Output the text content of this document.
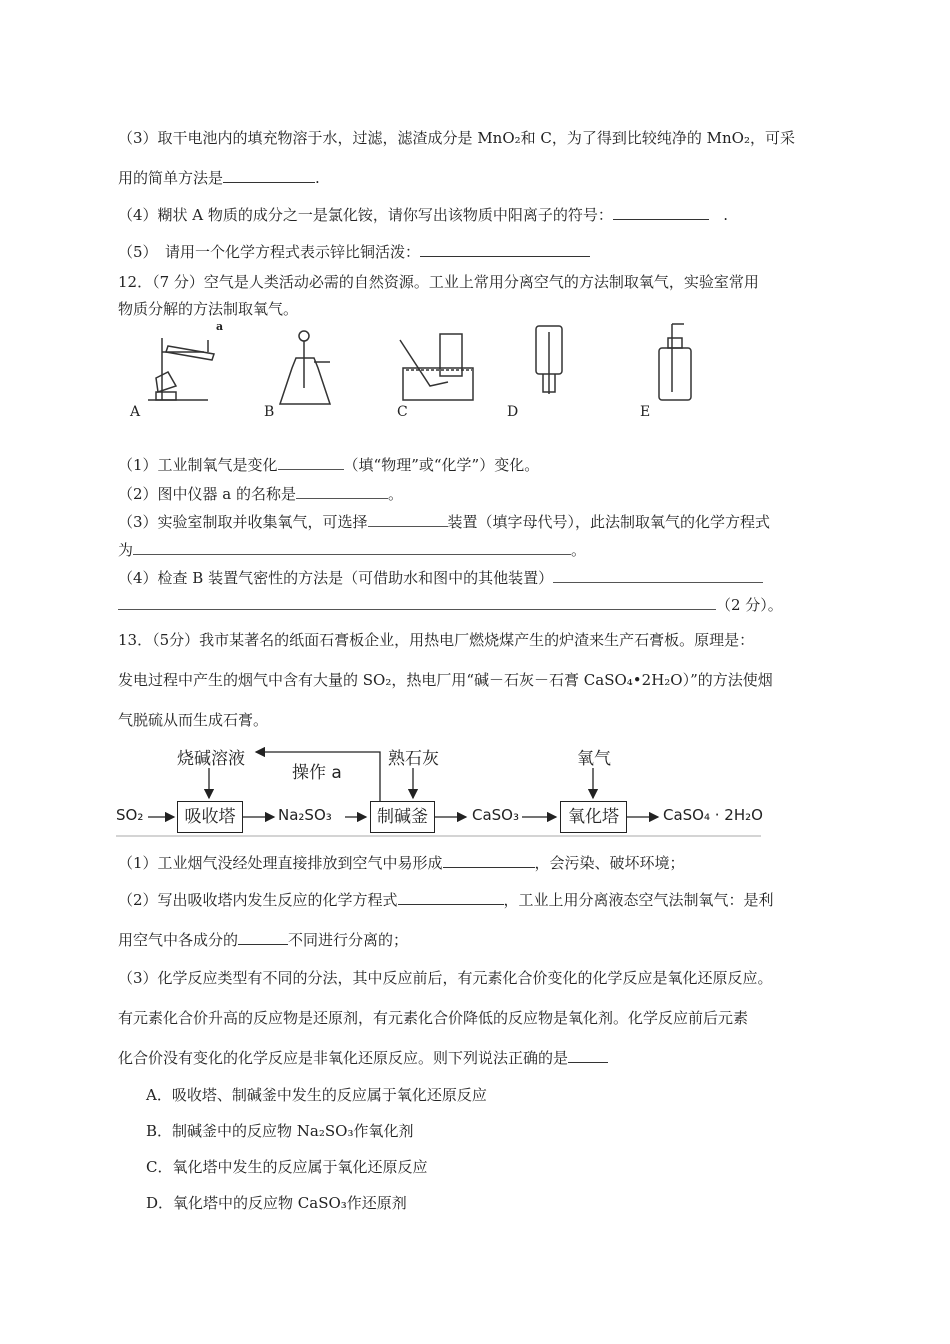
（3）取干电池内的填充物溶于水，过滤，滤渣成分是 MnO₂和 C，为了得到比较纯净的 MnO₂，可采
用的简单方法是	.
（4）糊状 A 物质的成分之一是氯化铵，请你写出该物质中阳离子的符号：	.
（5）　请用一个化学方程式表示锌比铜活泼：
12．（7 分）空气是人类活动必需的自然资源。工业上常用分离空气的方法制取氧气，实验室常用
物质分解的方法制取氧气。
a
A	B	C	D	E
（1）工业制氧气是变化	（填“物理”或“化学”）变化。
（2）图中仪器 a 的名称是	。
（3）实验室制取并收集氧气，可选择	装置（填字母代号），此法制取氧气的化学方程式
为	。
（4）检查 B 装置气密性的方法是（可借助水和图中的其他装置）
（2 分）。
13．（5分）我市某著名的纸面石膏板企业，用热电厂燃烧煤产生的炉渣来生产石膏板。原理是：
发电过程中产生的烟气中含有大量的 SO₂，热电厂用“碱－石灰－石膏 CaSO₄•2H₂O）”的方法使烟
气脱硫从而生成石膏。
烧碱溶液
操作 a
熟石灰	氧气
SO₂	吸收塔	Na₂SO₃	制碱釜	CaSO₃	氧化塔	CaSO₄ · 2H₂O
（1）工业烟气没经处理直接排放到空气中易形成	，会污染、破坏环境；
（2）写出吸收塔内发生反应的化学方程式	，工业上用分离液态空气法制氧气：是利
用空气中各成分的	不同进行分离的；
（3）化学反应类型有不同的分法，其中反应前后，有元素化合价变化的化学反应是氧化还原反应。
有元素化合价升高的反应物是还原剂，有元素化合价降低的反应物是氧化剂。化学反应前后元素
化合价没有变化的化学反应是非氧化还原反应。则下列说法正确的是
A．吸收塔、制碱釜中发生的反应属于氧化还原反应
B．制碱釜中的反应物 Na₂SO₃作氧化剂
C．氧化塔中发生的反应属于氧化还原反应
D．氧化塔中的反应物 CaSO₃作还原剂
